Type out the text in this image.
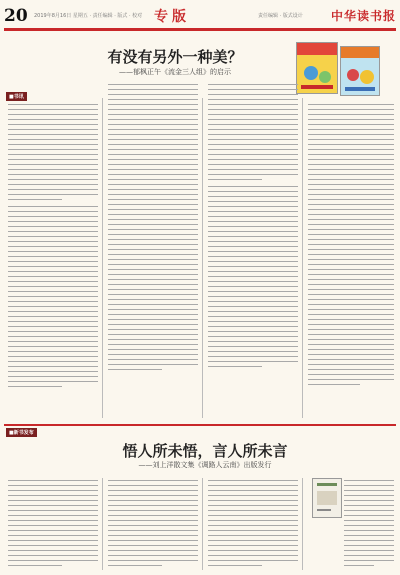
20 2019年8月16日 星期五 · 责任编辑 · 版式 · 校对 专版	责任编辑 · 版式设计 中华读书报
有没有另外一种美？
——郁枫正午《流金三人组》的启示
■书讯
■新书发布
悟人所未悟，言人所未言
——刘上洋散文集《调路人云南》出版发行
